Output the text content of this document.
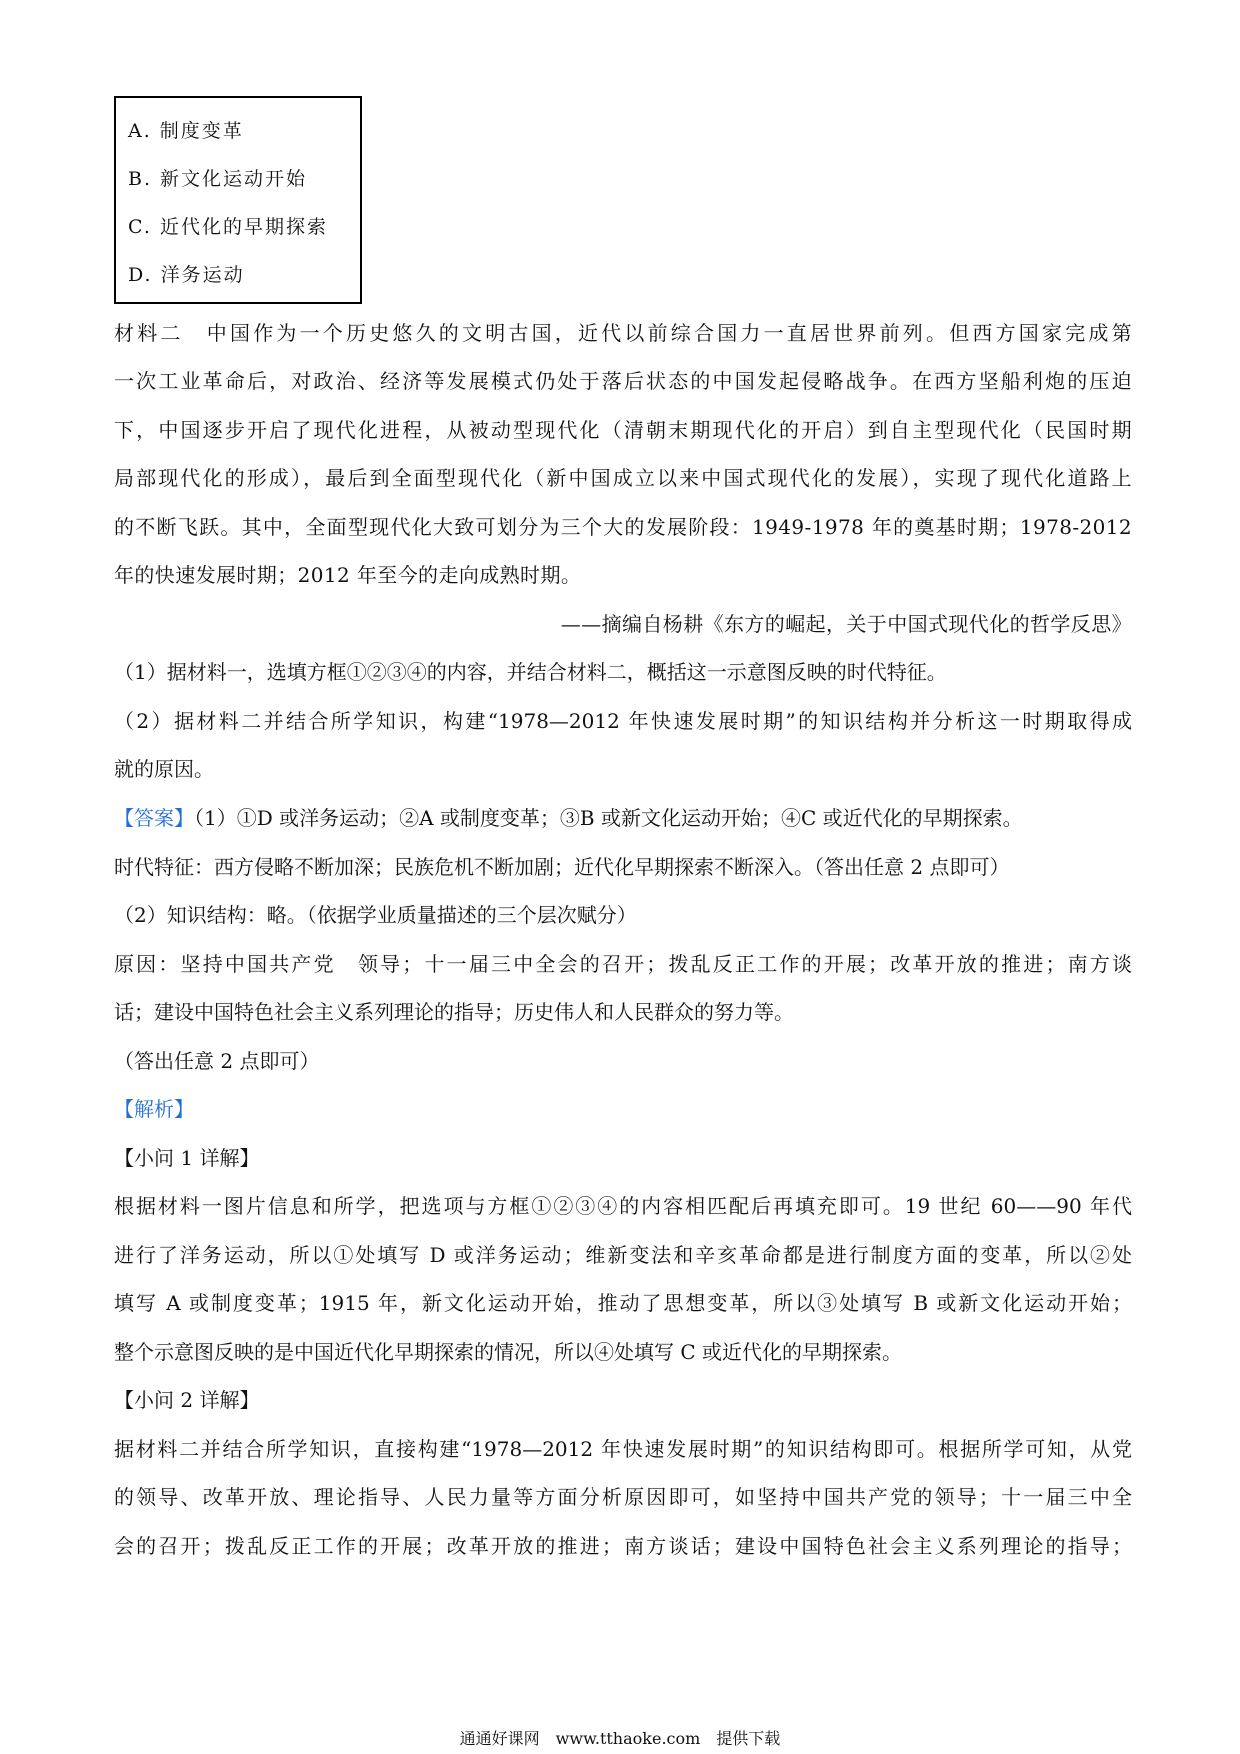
A. 制度变革
B. 新文化运动开始
C. 近代化的早期探索
D. 洋务运动
材料二　中国作为一个历史悠久的文明古国，近代以前综合国力一直居世界前列。但西方国家完成第
一次工业革命后，对政治、经济等发展模式仍处于落后状态的中国发起侵略战争。在西方坚船利炮的压迫
下，中国逐步开启了现代化进程，从被动型现代化（清朝末期现代化的开启）到自主型现代化（民国时期
局部现代化的形成），最后到全面型现代化（新中国成立以来中国式现代化的发展），实现了现代化道路上
的不断飞跃。其中，全面型现代化大致可划分为三个大的发展阶段：1949-1978 年的奠基时期；1978-2012
年的快速发展时期；2012 年至今的走向成熟时期。
——摘编自杨耕《东方的崛起，关于中国式现代化的哲学反思》
（1）据材料一，选填方框①②③④的内容，并结合材料二，概括这一示意图反映的时代特征。
（2）据材料二并结合所学知识，构建“1978—2012 年快速发展时期”的知识结构并分析这一时期取得成
就的原因。
【答案】（1）①D 或洋务运动；②A 或制度变革；③B 或新文化运动开始；④C 或近代化的早期探索。
时代特征：西方侵略不断加深；民族危机不断加剧；近代化早期探索不断深入。（答出任意 2 点即可）
（2）知识结构：略。（依据学业质量描述的三个层次赋分）
原因：坚持中国共产党　领导；十一届三中全会的召开；拨乱反正工作的开展；改革开放的推进；南方谈
话；建设中国特色社会主义系列理论的指导；历史伟人和人民群众的努力等。
（答出任意 2 点即可）
【解析】
【小问 1 详解】
根据材料一图片信息和所学，把选项与方框①②③④的内容相匹配后再填充即可。19 世纪 60——90 年代
进行了洋务运动，所以①处填写 D 或洋务运动；维新变法和辛亥革命都是进行制度方面的变革，所以②处
填写 A 或制度变革；1915 年，新文化运动开始，推动了思想变革，所以③处填写 B 或新文化运动开始；
整个示意图反映的是中国近代化早期探索的情况，所以④处填写 C 或近代化的早期探索。
【小问 2 详解】
据材料二并结合所学知识，直接构建“1978—2012 年快速发展时期”的知识结构即可。根据所学可知，从党
的领导、改革开放、理论指导、人民力量等方面分析原因即可，如坚持中国共产党的领导；十一届三中全
会的召开；拨乱反正工作的开展；改革开放的推进；南方谈话；建设中国特色社会主义系列理论的指导；
通通好课网　www.tthaoke.com　提供下载
